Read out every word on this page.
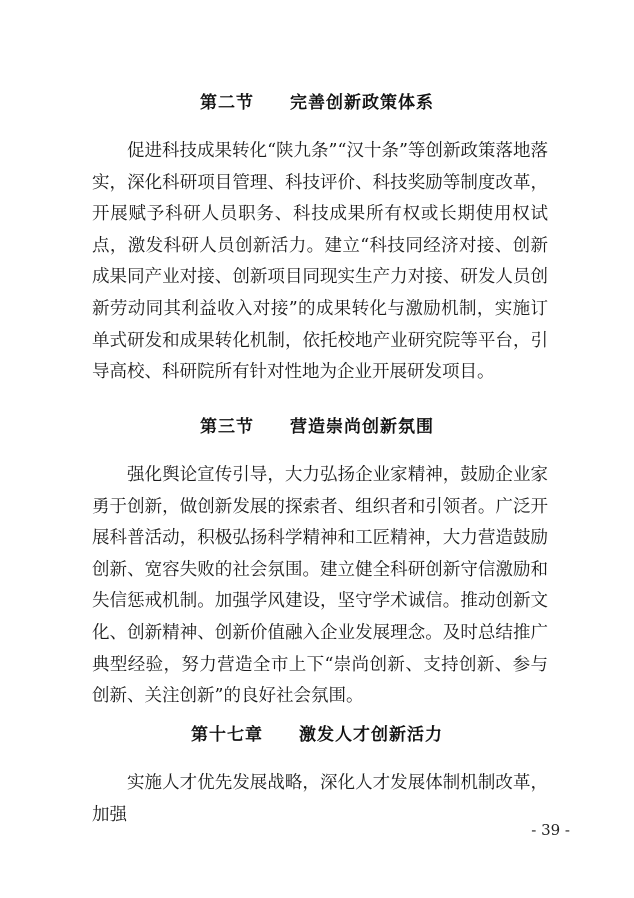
第二节　　完善创新政策体系

促进科技成果转化“陕九条”“汉十条”等创新政策落地落实，深化科研项目管理、科技评价、科技奖励等制度改革，开展赋予科研人员职务、科技成果所有权或长期使用权试点，激发科研人员创新活力。建立“科技同经济对接、创新成果同产业对接、创新项目同现实生产力对接、研发人员创新劳动同其利益收入对接”的成果转化与激励机制，实施订单式研发和成果转化机制，依托校地产业研究院等平台，引导高校、科研院所有针对性地为企业开展研发项目。

第三节　　营造崇尚创新氛围

强化舆论宣传引导，大力弘扬企业家精神，鼓励企业家勇于创新，做创新发展的探索者、组织者和引领者。广泛开展科普活动，积极弘扬科学精神和工匠精神，大力营造鼓励创新、宽容失败的社会氛围。建立健全科研创新守信激励和失信惩戒机制。加强学风建设，坚守学术诚信。推动创新文化、创新精神、创新价值融入企业发展理念。及时总结推广典型经验，努力营造全市上下“崇尚创新、支持创新、参与创新、关注创新”的良好社会氛围。

第十七章　　激发人才创新活力

实施人才优先发展战略，深化人才发展体制机制改革，加强

- 39 -
